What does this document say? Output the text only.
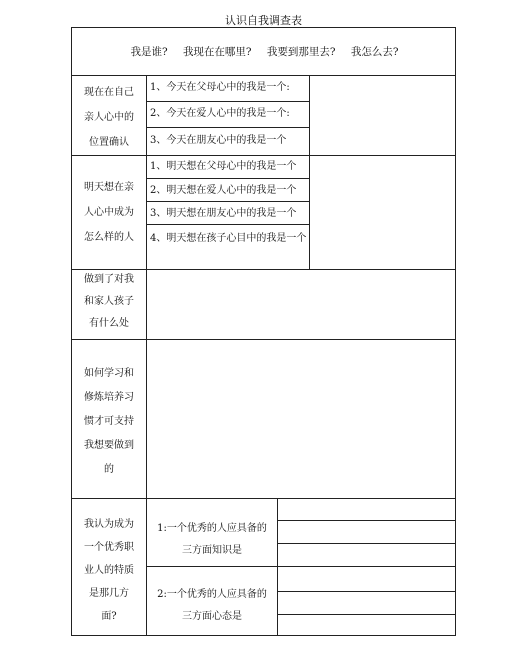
认识自我调查表
我是谁? 我现在在哪里? 我要到那里去? 我怎么去?
现在在自己
亲人心中的
位置确认
1、今天在父母心中的我是一个:
2、今天在爱人心中的我是一个:
3、今天在朋友心中的我是一个
明天想在亲
人心中成为
怎么样的人
1、明天想在父母心中的我是一个
2、明天想在爱人心中的我是一个
3、明天想在朋友心中的我是一个
4、明天想在孩子心目中的我是一个
做到了对我
和家人孩子
有什么处
如何学习和
修炼培养习
惯才可支持
我想要做到
的
我认为成为
一个优秀职
业人的特质
是那几方
面?
1:一个优秀的人应具备的
三方面知识是
2:一个优秀的人应具备的
三方面心态是
